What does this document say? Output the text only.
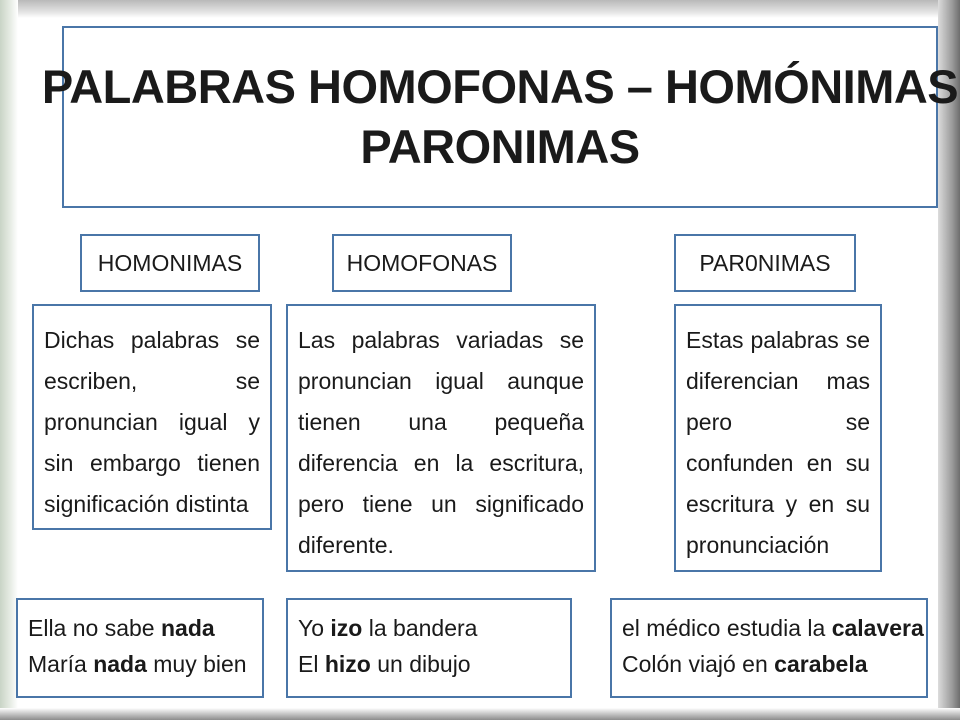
PALABRAS HOMOFONAS – HOMÓNIMAS
PARONIMAS
HOMONIMAS	HOMOFONAS	PAR0NIMAS
Dichas palabras se escriben, se pronuncian igual y sin embargo tienen significación distinta
Las palabras variadas se pronuncian igual aunque tienen una pequeña diferencia en la escritura, pero tiene un significado diferente.
Estas palabras se diferencian mas pero se confunden en su escritura y en su pronunciación
Ella no sabe nada
María nada muy bien
Yo izo la bandera
El hizo un dibujo
el médico estudia la calavera
Colón viajó en carabela
